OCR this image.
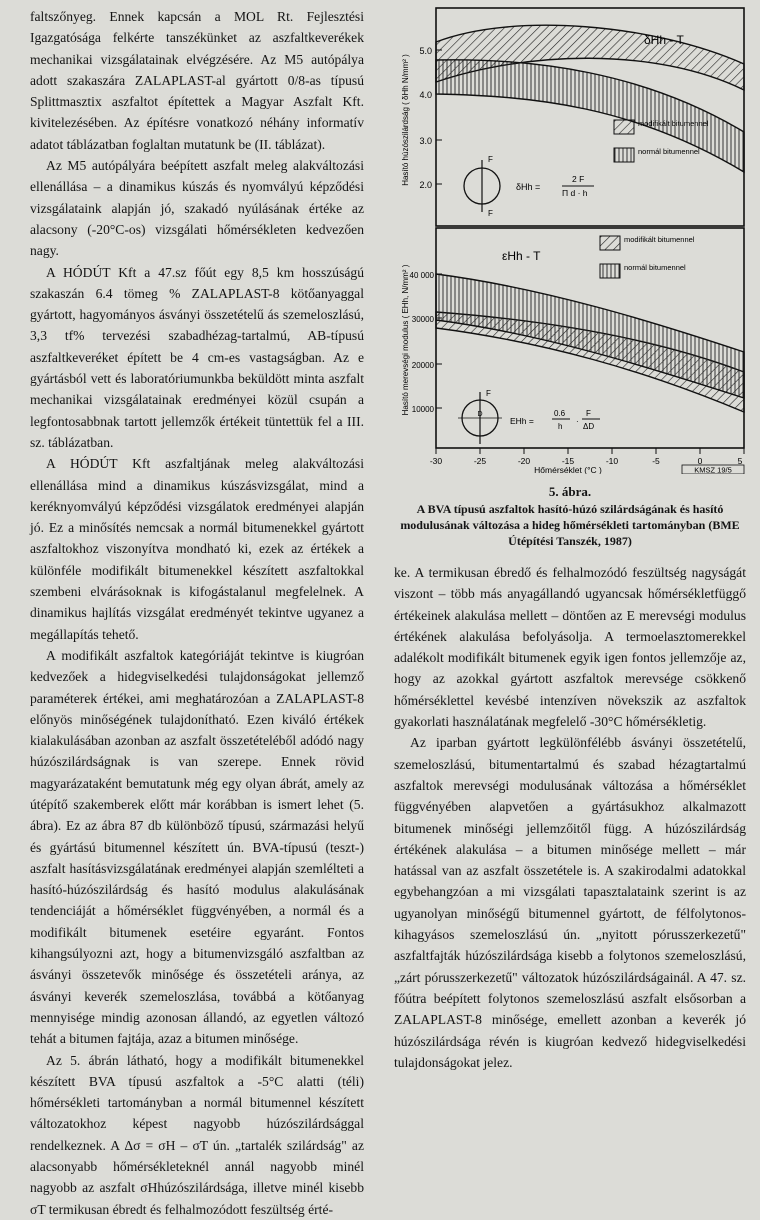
faltszőnyeg. Ennek kapcsán a MOL Rt. Fejlesztési Igazgatósága felkérte tanszékünket az aszfaltkeverékek mechanikai vizsgálatainak elvégzésére. Az M5 autópálya adott szakaszára ZALAPLAST-al gyártott 0/8-as típusú Splittmasztix aszfaltot építettek a Magyar Aszfalt Kft. kivitelezésében. Az építésre vonatkozó néhány informatív adatot táblázatban foglaltan mutatunk be (II. táblázat).

Az M5 autópályára beépített aszfalt meleg alakváltozási ellenállása – a dinamikus kúszás és nyomvályú képződési vizsgálataink alapján jó, szakadó nyúlásának értéke az alacsony (-20°C-os) vizsgálati hőmérsékleten kedvezően nagy.

A HÓDÚT Kft a 47.sz főút egy 8,5 km hosszúságú szakaszán 6.4 tömeg % ZALAPLAST-8 kötőanyaggal gyártott, hagyományos ásványi összetételű ás szemeloszlású, 3,3 tf% tervezési szabadhézag-tartalmú, AB-típusú aszfaltkeveréket épített be 4 cm-es vastagságban. Az e gyártásból vett és laboratóriumunkba beküldött minta aszfalt mechanikai vizsgálatainak eredményei közül csupán a legfontosabbnak tartott jellemzők értékeit tüntettük fel a III. sz. táblázatban.

A HÓDÚT Kft aszfaltjának meleg alakváltozási ellenállása mind a dinamikus kúszásvizsgálat, mind a keréknyomvályú képződési vizsgálatok eredményei alapján jó. Ez a minősítés nemcsak a normál bitumenekkel gyártott aszfaltokhoz viszonyítva mondható ki, ezek az értékek a különféle modifikált bitumenekkel készített aszfaltokkal szembeni elvárásoknak is kifogástalanul megfelelnek. A dinamikus hajlítás vizsgálat eredményét tekintve ugyanez a megállapítás tehető.

A modifikált aszfaltok kategóriáját tekintve is kiugróan kedvezőek a hidegviselkedési tulajdonságokat jellemző paraméterek értékei, ami meghatározóan a ZALAPLAST-8 előnyös minőségének tulajdonítható. Ezen kiváló értékek kialakulásában azonban az aszfalt összetételéből adódó nagy húzószilárdságnak is van szerepe. Ennek rövid magyarázataként bemutatunk még egy olyan ábrát, amely az útépítő szakemberek előtt már korábban is ismert lehet (5. ábra). Ez az ábra 87 db különböző típusú, származási helyű és gyártású bitumennel készített ún. BVA-típusú (teszt-) aszfalt hasításvizsgálatának eredményei alapján szemlélteti a hasító-húzószilárdság és hasító modulus alakulásának tendenciáját a hőmérséklet függvényében, a normál és a modifikált bitumenek esetéire egyaránt. Fontos kihangsúlyozni azt, hogy a bitumenvizsgáló aszfaltban az ásványi összetevők minősége és összetételi aránya, az ásványi keverék szemeloszlása, továbbá a kötőanyag mennyisége mindig azonosan állandó, az egyetlen változó tehát a bitumen fajtája, azaz a bitumen minősége.

Az 5. ábrán látható, hogy a modifikált bitumenekkel készített BVA típusú aszfaltok a -5°C alatti (téli) hőmérsékleti tartományban a normál bitumennel készített változatokhoz képest nagyobb húzószilárdsággal rendelkeznek. A Δσ = σH – σT ún. „tartalék szilárdság" az alacsonyabb hőmérsékleteknél annál nagyobb minél nagyobb az aszfalt σHhúzószilárdsága, illetve minél kisebb σT termikusan ébredt és felhalmozódott feszültség érté-

5.0
4.0
3.0
2.0
δHh - T
Hasító húzószilárdság ( δHh N/mm² )	modifikált bitumennel
normál bitumennel
F
F
δHh =
2 F
Π d · h
40 000
30000
20000
10000
εHh - T
Hasító merevségi modulus ( EHh, N/mm² )
modifikált bitumennel
normál bitumennel
F
D
EHh =
0.6
h
·
F
ΔD
-30	-25	-20	-15	-10	-5	0	5
Hőmérséklet (°C )	KMSZ 19/5
5. ábra.
A BVA típusú aszfaltok hasító-húzó szilárdságának és hasító modulusának változása a hideg hőmérsékleti tartományban (BME Útépítési Tanszék, 1987)

ke. A termikusan ébredő és felhalmozódó feszültség nagyságát viszont – több más anyagállandó ugyancsak hőmérsékletfüggő értékeinek alakulása mellett – döntően az E merevségi modulus értékének alakulása befolyásolja. A termoelasztomerekkel adalékolt modifikált bitumenek egyik igen fontos jellemzője az, hogy az azokkal gyártott aszfaltok merevsége csökkenő hőmérséklettel kevésbé intenzíven növekszik az aszfaltok gyakorlati használatának megfelelő -30°C hőmérsékletig.

Az iparban gyártott legkülönfélébb ásványi összetételű, szemeloszlású, bitumentartalmú és szabad hézagtartalmú aszfaltok merevségi modulusának változása a hőmérséklet függvényében alapvetően a gyártásukhoz alkalmazott bitumenek minőségi jellemzőitől függ. A húzószilárdság értékének alakulása – a bitumen minősége mellett – már hatással van az aszfalt összetétele is. A szakirodalmi adatokkal egybehangzóan a mi vizsgálati tapasztalataink szerint is az ugyanolyan minőségű bitumennel gyártott, de félfolytonos-kihagyásos szemeloszlású ún. „nyitott pórusszerkezetű" aszfaltfajták húzószilárdsága kisebb a folytonos szemeloszlású, „zárt pórusszerkezetű" változatok húzószilárdságainál. A 47. sz. főútra beépített folytonos szemeloszlású aszfalt elsősorban a ZALAPLAST-8 minősége, emellett azonban a keverék jó húzószilárdsága révén is kiugróan kedvező hidegviselkedési tulajdonságokat jelez.
